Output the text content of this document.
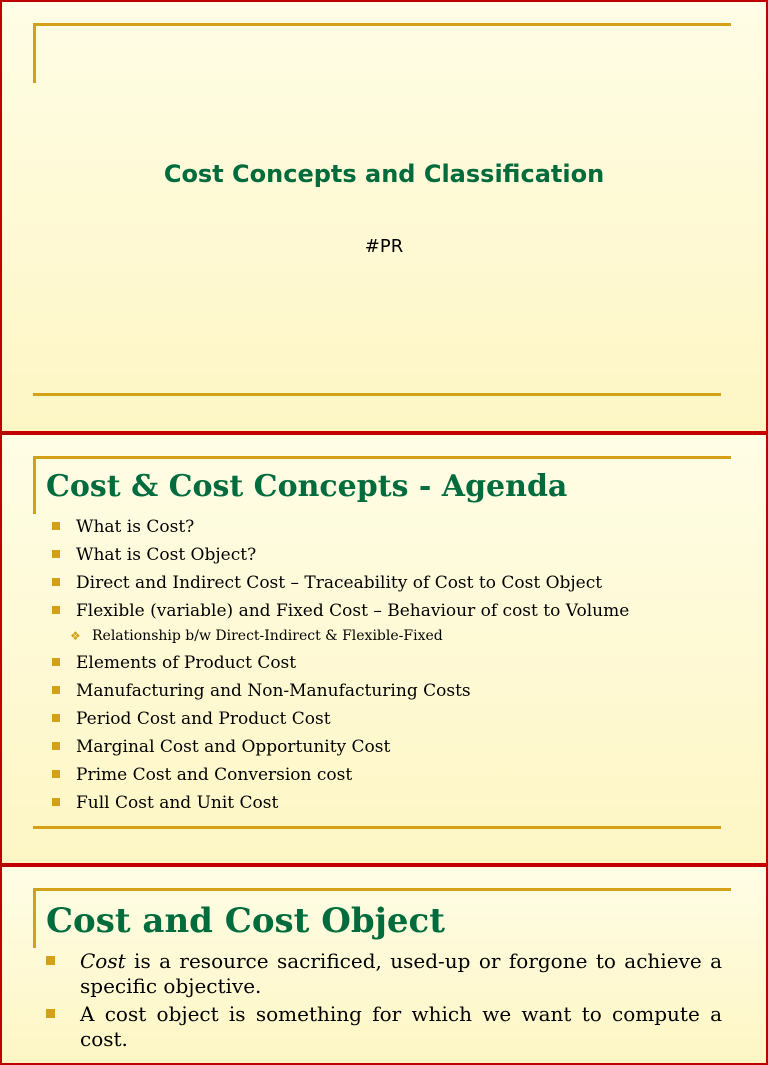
Cost Concepts and Classification
#PR
Cost & Cost Concepts - Agenda
What is Cost?
What is Cost Object?
Direct and Indirect Cost – Traceability of Cost to Cost Object
Flexible (variable) and Fixed Cost – Behaviour of cost to Volume
❖ Relationship b/w Direct-Indirect & Flexible-Fixed
Elements of Product Cost
Manufacturing and Non-Manufacturing Costs
Period Cost and Product Cost
Marginal Cost and Opportunity Cost
Prime Cost and Conversion cost
Full Cost and Unit Cost
Cost and Cost Object
Cost is a resource sacrificed, used-up or forgone to achieve a specific objective.
A cost object is something for which we want to compute a cost.
